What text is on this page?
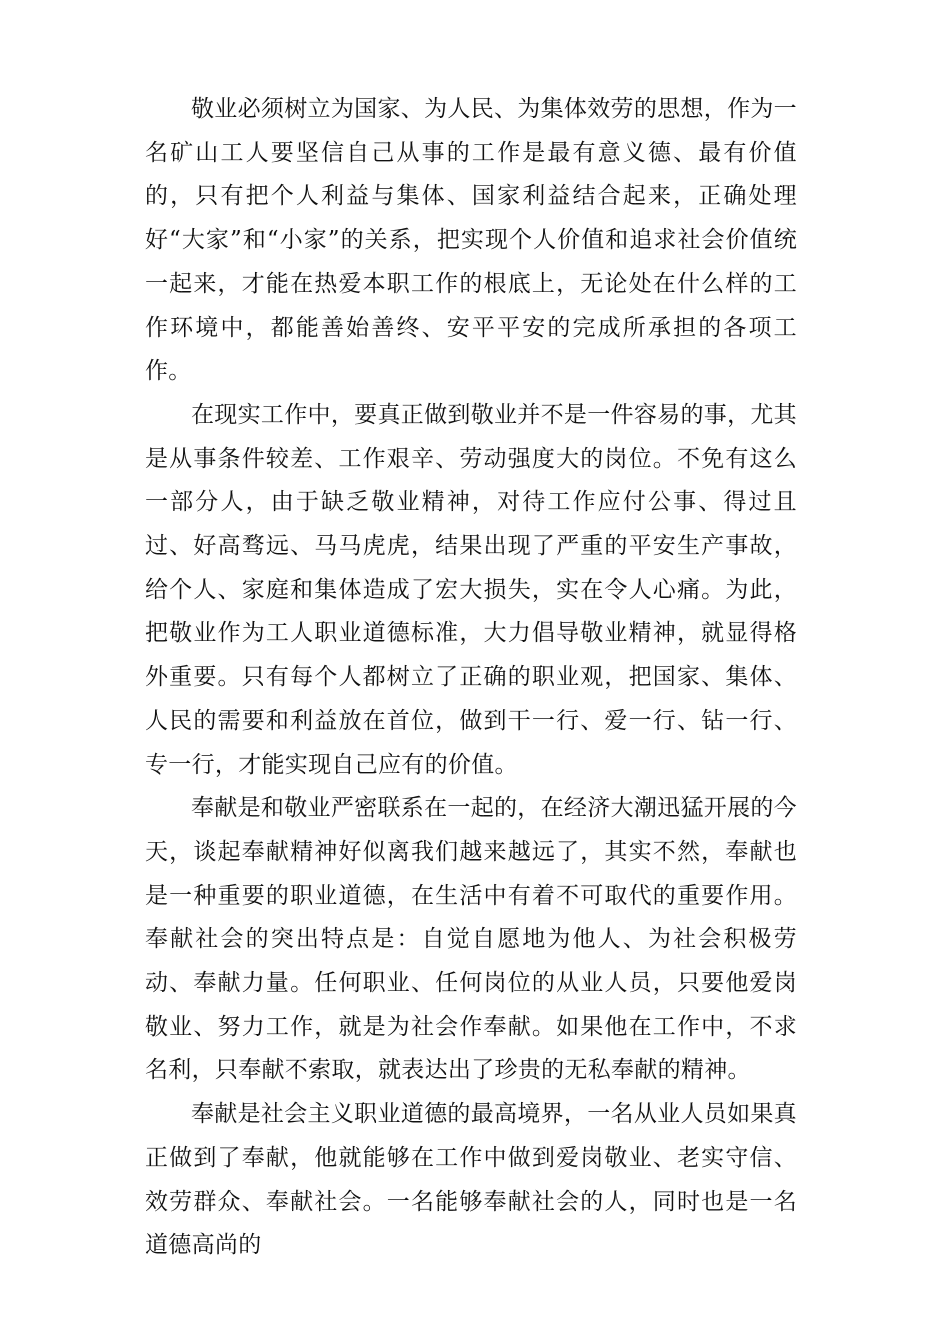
敬业必须树立为国家、为人民、为集体效劳的思想，作为一名矿山工人要坚信自己从事的工作是最有意义德、最有价值的，只有把个人利益与集体、国家利益结合起来，正确处理好“大家”和“小家”的关系，把实现个人价值和追求社会价值统一起来，才能在热爱本职工作的根底上，无论处在什么样的工作环境中，都能善始善终、安平平安的完成所承担的各项工作。

在现实工作中，要真正做到敬业并不是一件容易的事，尤其是从事条件较差、工作艰辛、劳动强度大的岗位。不免有这么一部分人，由于缺乏敬业精神，对待工作应付公事、得过且过、好高骛远、马马虎虎，结果出现了严重的平安生产事故，给个人、家庭和集体造成了宏大损失，实在令人心痛。为此，把敬业作为工人职业道德标准，大力倡导敬业精神，就显得格外重要。只有每个人都树立了正确的职业观，把国家、集体、人民的需要和利益放在首位，做到干一行、爱一行、钻一行、专一行，才能实现自己应有的价值。

奉献是和敬业严密联系在一起的，在经济大潮迅猛开展的今天，谈起奉献精神好似离我们越来越远了，其实不然，奉献也是一种重要的职业道德，在生活中有着不可取代的重要作用。奉献社会的突出特点是：自觉自愿地为他人、为社会积极劳动、奉献力量。任何职业、任何岗位的从业人员，只要他爱岗敬业、努力工作，就是为社会作奉献。如果他在工作中，不求名利，只奉献不索取，就表达出了珍贵的无私奉献的精神。

奉献是社会主义职业道德的最高境界，一名从业人员如果真正做到了奉献，他就能够在工作中做到爱岗敬业、老实守信、效劳群众、奉献社会。一名能够奉献社会的人，同时也是一名道德高尚的
